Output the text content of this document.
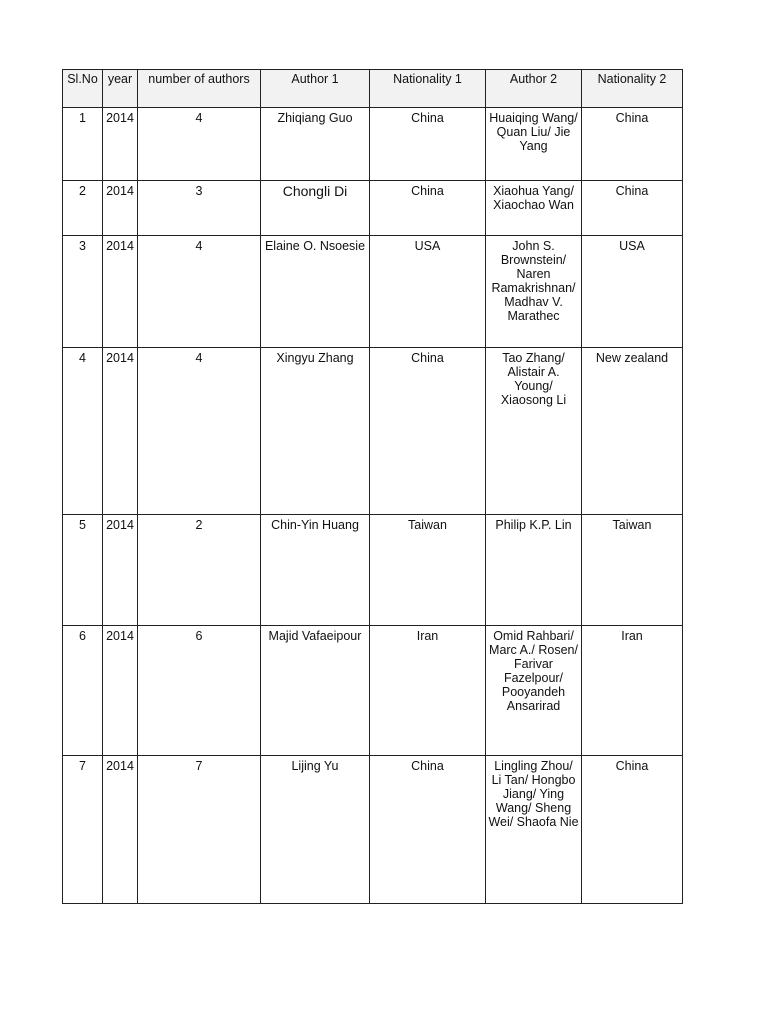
Sl.No	year	number of authors	Author 1	Nationality 1	Author 2	Nationality 2
1	2014	4	Zhiqiang Guo	China	Huaiqing Wang/ Quan Liu/ Jie Yang	China
2	2014	3	Chongli Di	China	Xiaohua Yang/ Xiaochao Wan	China
3	2014	4	Elaine O. Nsoesie	USA	John S. Brownstein/ Naren Ramakrishnan/ Madhav V. Marathec	USA
4	2014	4	Xingyu Zhang	China	Tao Zhang/ Alistair A. Young/ Xiaosong Li	New zealand
5	2014	2	Chin-Yin Huang	Taiwan	Philip K.P. Lin	Taiwan
6	2014	6	Majid Vafaeipour	Iran	Omid Rahbari/ Marc A./ Rosen/ Farivar Fazelpour/ Pooyandeh Ansarirad	Iran
7	2014	7	Lijing Yu	China	Lingling Zhou/ Li Tan/ Hongbo Jiang/ Ying Wang/ Sheng Wei/ Shaofa Nie	China
